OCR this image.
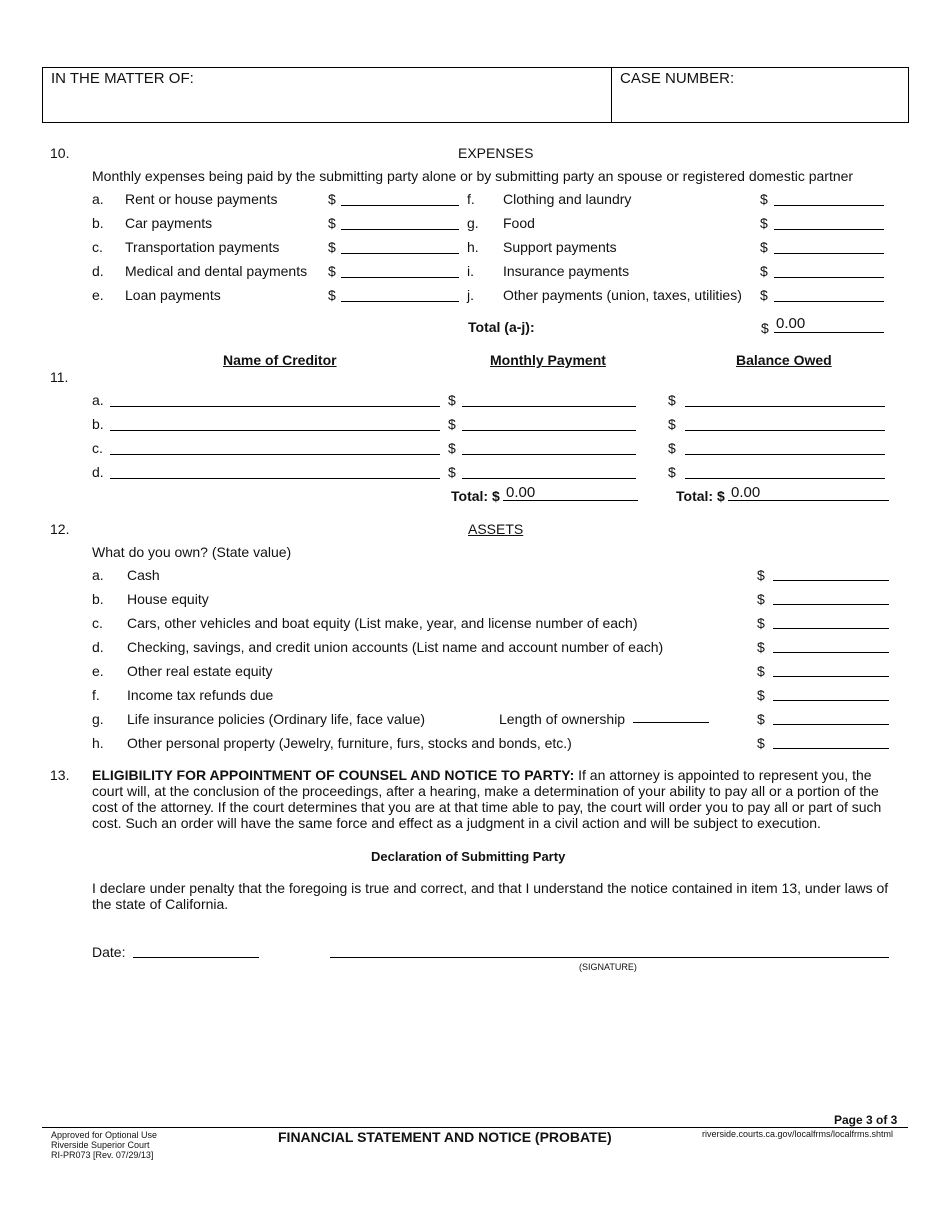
IN THE MATTER OF:	CASE NUMBER:
10.	EXPENSES
Monthly expenses being paid by the submitting party alone or by submitting party an spouse or registered domestic partner
a. Rent or house payments	$	f. Clothing and laundry	$
b. Car payments	$	g. Food	$
c. Transportation payments	$	h. Support payments	$
d. Medical and dental payments $	i. Insurance payments	$
e. Loan payments	$	j. Other payments (union, taxes, utilities) $
Total (a-j):	$ 0.00
Name of Creditor	Monthly Payment	Balance Owed
11.
a.	$	$
b.	$	$
c.	$	$
d.	$	$
Total: $ 0.00	Total: $ 0.00
12.	ASSETS
What do you own? (State value)
a. Cash	$
b. House equity	$
c. Cars, other vehicles and boat equity (List make, year, and license number of each)	$
d. Checking, savings, and credit union accounts (List name and account number of each)	$
e. Other real estate equity	$
f. Income tax refunds due	$
g. Life insurance policies (Ordinary life, face value)	Length of ownership	$
h. Other personal property (Jewelry, furniture, furs, stocks and bonds, etc.)	$
13. ELIGIBILITY FOR APPOINTMENT OF COUNSEL AND NOTICE TO PARTY: If an attorney is appointed to represent you, the court will, at the conclusion of the proceedings, after a hearing, make a determination of your ability to pay all or a portion of the cost of the attorney. If the court determines that you are at that time able to pay, the court will order you to pay all or part of such cost. Such an order will have the same force and effect as a judgment in a civil action and will be subject to execution.
Declaration of Submitting Party
I declare under penalty that the foregoing is true and correct, and that I understand the notice contained in item 13, under laws of the state of California.
Date:
(SIGNATURE)
Page 3 of 3
Approved for Optional Use
Riverside Superior Court
RI-PR073 [Rev. 07/29/13]
FINANCIAL STATEMENT AND NOTICE (PROBATE)	riverside.courts.ca.gov/localfrms/localfrms.shtml
